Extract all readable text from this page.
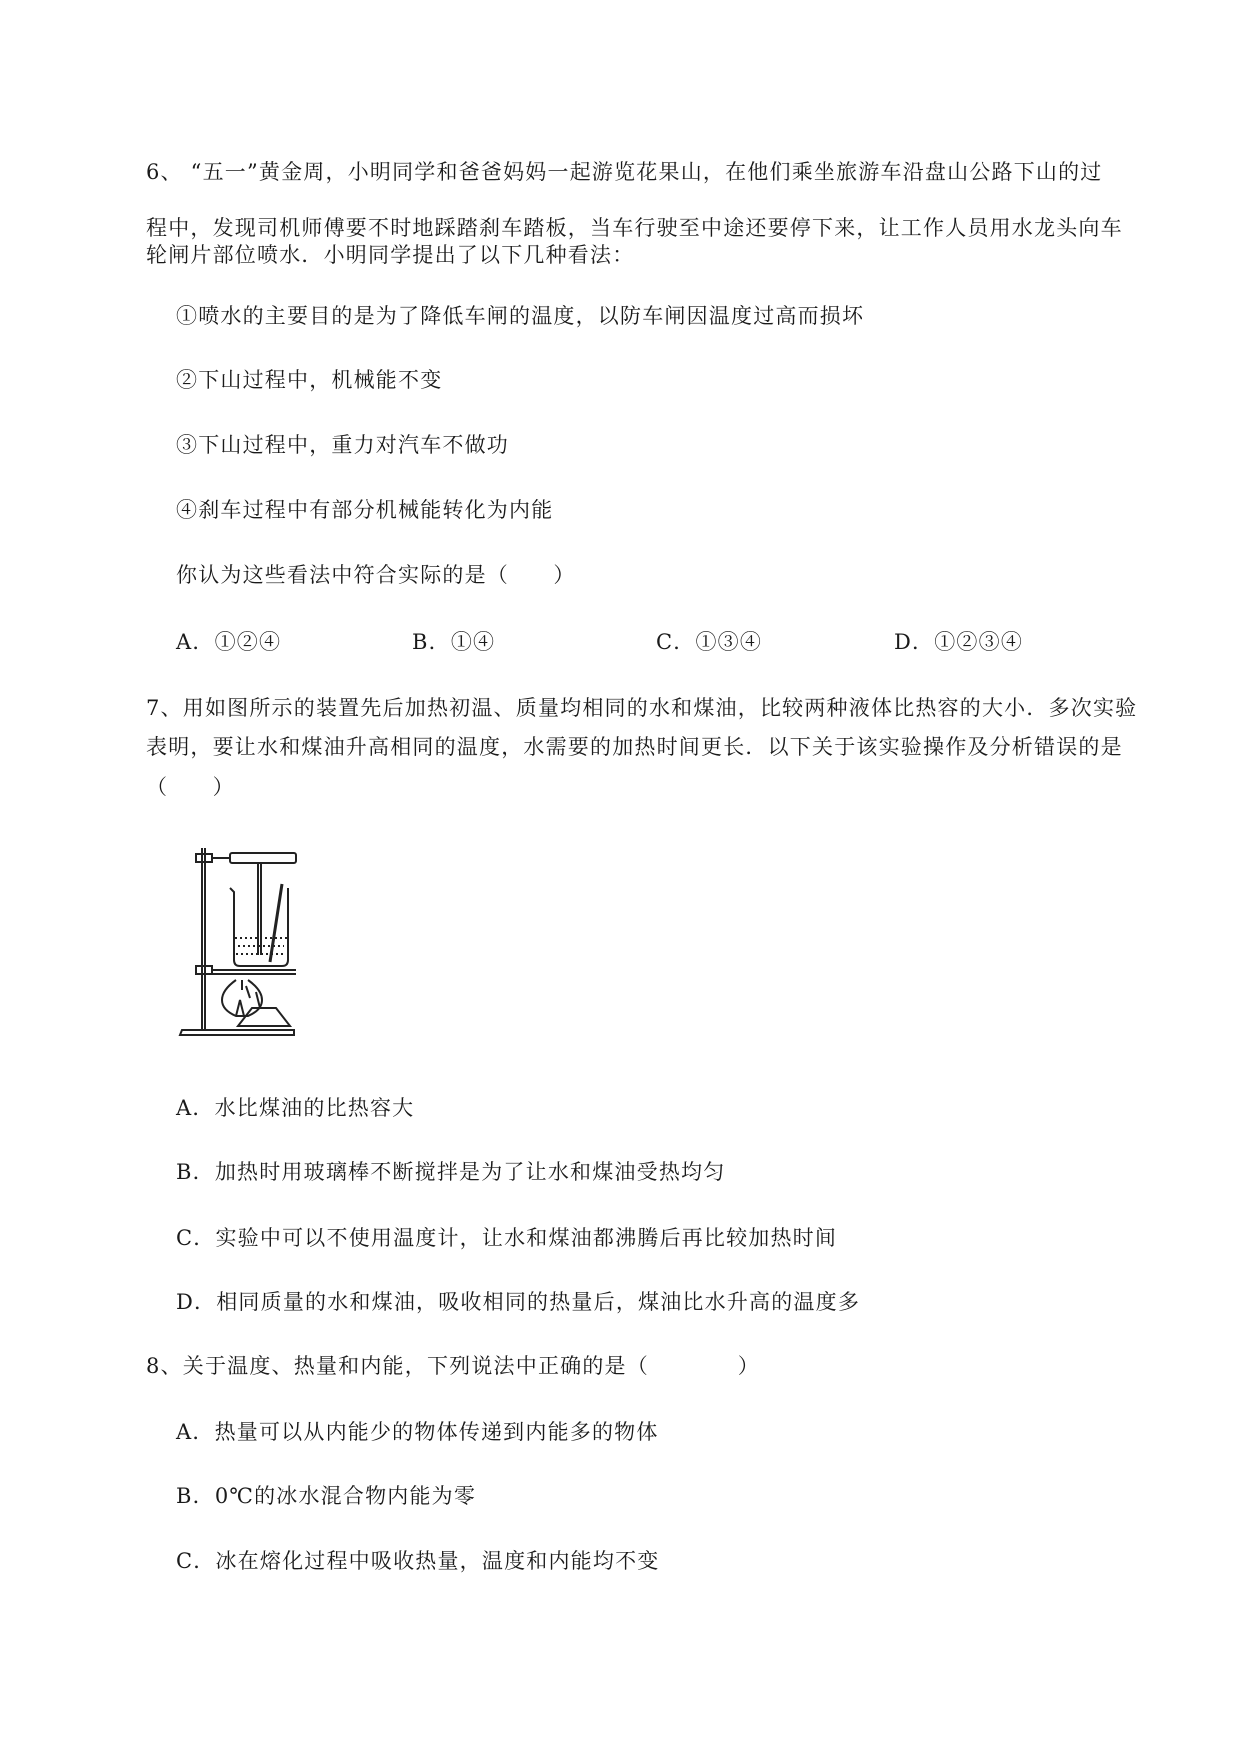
6、 “五一”黄金周，小明同学和爸爸妈妈一起游览花果山，在他们乘坐旅游车沿盘山公路下山的过
程中，发现司机师傅要不时地踩踏刹车踏板，当车行驶至中途还要停下来，让工作人员用水龙头向车
轮闸片部位喷水．小明同学提出了以下几种看法：
①喷水的主要目的是为了降低车闸的温度，以防车闸因温度过高而损坏
②下山过程中，机械能不变
③下山过程中，重力对汽车不做功
④刹车过程中有部分机械能转化为内能
你认为这些看法中符合实际的是（　　）
A．①②④	B．①④	C．①③④	D．①②③④
7、用如图所示的装置先后加热初温、质量均相同的水和煤油，比较两种液体比热容的大小．多次实验
表明，要让水和煤油升高相同的温度，水需要的加热时间更长．以下关于该实验操作及分析错误的是
（　　）
A．水比煤油的比热容大
B．加热时用玻璃棒不断搅拌是为了让水和煤油受热均匀
C．实验中可以不使用温度计，让水和煤油都沸腾后再比较加热时间
D．相同质量的水和煤油，吸收相同的热量后，煤油比水升高的温度多
8、关于温度、热量和内能，下列说法中正确的是（　　　　）
A．热量可以从内能少的物体传递到内能多的物体
B．0℃的冰水混合物内能为零
C．冰在熔化过程中吸收热量，温度和内能均不变
